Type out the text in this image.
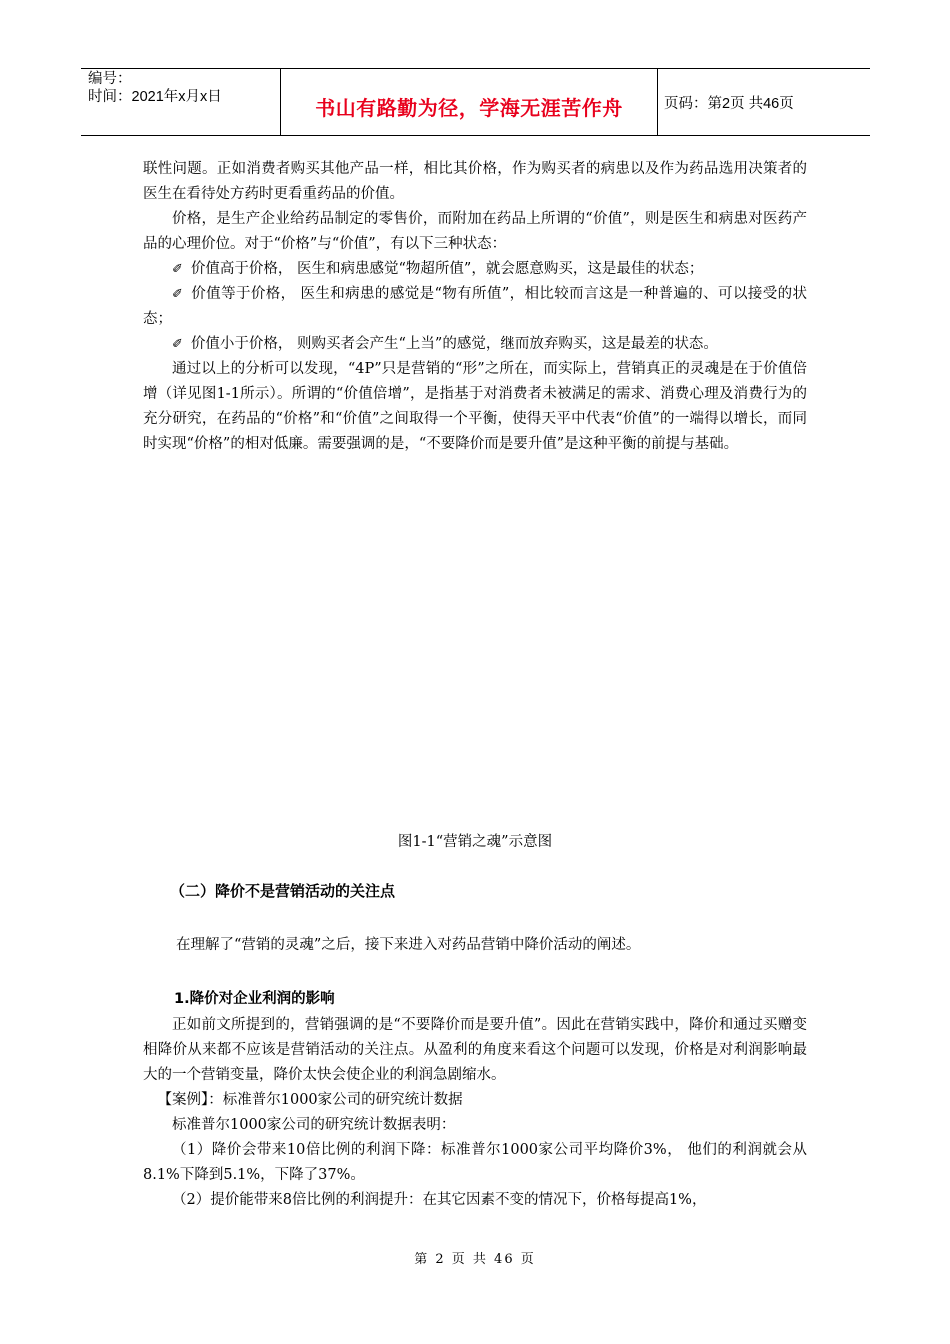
编号：
时间：2021年x月x日	书山有路勤为径，学海无涯苦作舟	页码：第2页 共46页

联性问题。正如消费者购买其他产品一样，相比其价格，作为购买者的病患以及作为药品选用决策者的医生在看待处方药时更看重药品的价值。

价格，是生产企业给药品制定的零售价，而附加在药品上所谓的“价值”，则是医生和病患对医药产品的心理价位。对于“价格”与“价值”，有以下三种状态：

✐ 价值高于价格， 医生和病患感觉“物超所值”，就会愿意购买，这是最佳的状态；

✐ 价值等于价格， 医生和病患的感觉是“物有所值”，相比较而言这是一种普遍的、可以接受的状态；

✐ 价值小于价格， 则购买者会产生“上当”的感觉，继而放弃购买，这是最差的状态。

通过以上的分析可以发现，“4P”只是营销的“形”之所在，而实际上，营销真正的灵魂是在于价值倍增（详见图1-1所示）。所谓的“价值倍增”，是指基于对消费者未被满足的需求、消费心理及消费行为的充分研究，在药品的“价格”和“价值”之间取得一个平衡，使得天平中代表“价值”的一端得以增长，而同时实现“价格”的相对低廉。需要强调的是，“不要降价而是要升值”是这种平衡的前提与基础。

图1-1“营销之魂”示意图
（二）降价不是营销活动的关注点
在理解了“营销的灵魂”之后，接下来进入对药品营销中降价活动的阐述。
1.降价对企业利润的影响

正如前文所提到的，营销强调的是“不要降价而是要升值”。因此在营销实践中，降价和通过买赠变相降价从来都不应该是营销活动的关注点。从盈利的角度来看这个问题可以发现，价格是对利润影响最大的一个营销变量，降价太快会使企业的利润急剧缩水。

【案例】：标准普尔1000家公司的研究统计数据

标准普尔1000家公司的研究统计数据表明：

（1）降价会带来10倍比例的利润下降：标准普尔1000家公司平均降价3%， 他们的利润就会从8.1%下降到5.1%，下降了37%。

（2）提价能带来8倍比例的利润提升：在其它因素不变的情况下，价格每提高1%，

第 2 页 共 46 页
